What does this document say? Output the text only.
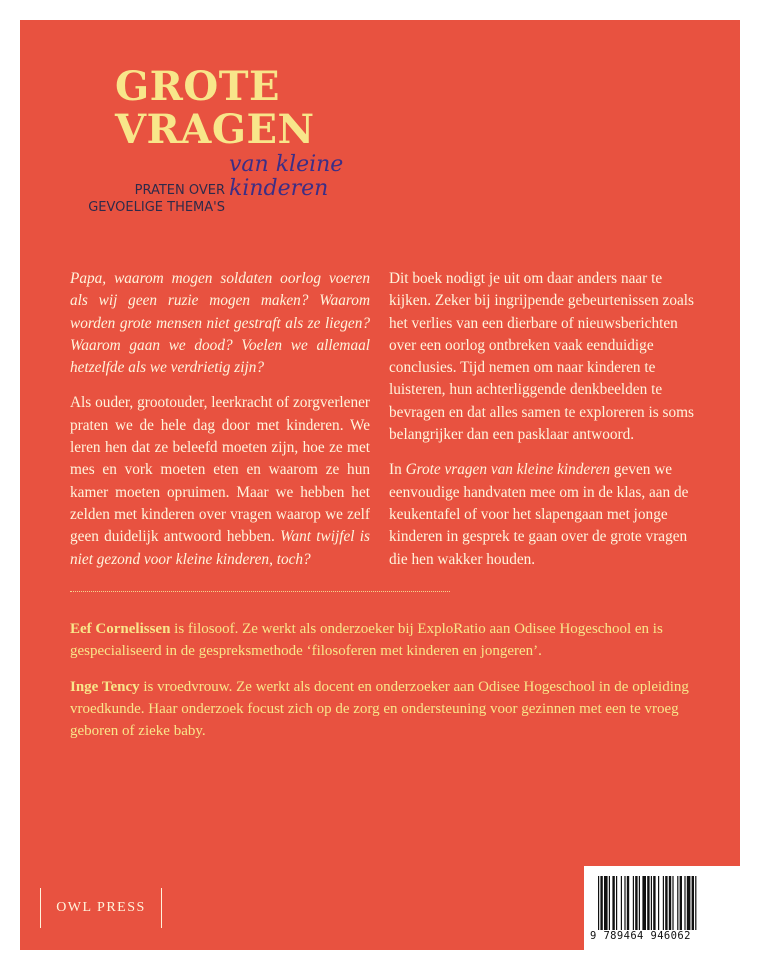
GROTE
VRAGEN
PRATEN OVER
GEVOELIGE THEMA'S
van kleine
kinderen

Papa, waarom mogen soldaten oorlog voeren als wij geen ruzie mogen maken? Waarom worden grote mensen niet gestraft als ze liegen? Waarom gaan we dood? Voelen we allemaal hetzelfde als we verdrietig zijn?

Als ouder, grootouder, leerkracht of zorgverlener praten we de hele dag door met kinderen. We leren hen dat ze beleefd moeten zijn, hoe ze met mes en vork moeten eten en waarom ze hun kamer moeten opruimen. Maar we hebben het zelden met kinderen over vragen waarop we zelf geen duidelijk antwoord hebben. Want twijfel is niet gezond voor kleine kinderen, toch?

Dit boek nodigt je uit om daar anders naar te kijken. Zeker bij ingrijpende gebeurtenissen zoals het verlies van een dierbare of nieuwsberichten over een oorlog ontbreken vaak eenduidige conclusies. Tijd nemen om naar kinderen te luisteren, hun achterliggende denkbeelden te bevragen en dat alles samen te exploreren is soms belangrijker dan een pasklaar antwoord.

In Grote vragen van kleine kinderen geven we eenvoudige handvaten mee om in de klas, aan de keukentafel of voor het slapengaan met jonge kinderen in gesprek te gaan over de grote vragen die hen wakker houden.

Eef Cornelissen is filosoof. Ze werkt als onderzoeker bij ExploRatio aan Odisee Hogeschool en is gespecialiseerd in de gespreksmethode ‘filosoferen met kinderen en jongeren’.

Inge Tency is vroedvrouw. Ze werkt als docent en onderzoeker aan Odisee Hogeschool in de opleiding vroedkunde. Haar onderzoek focust zich op de zorg en ondersteuning voor gezinnen met een te vroeg geboren of zieke baby.

OWL PRESS
9 789464 946062
